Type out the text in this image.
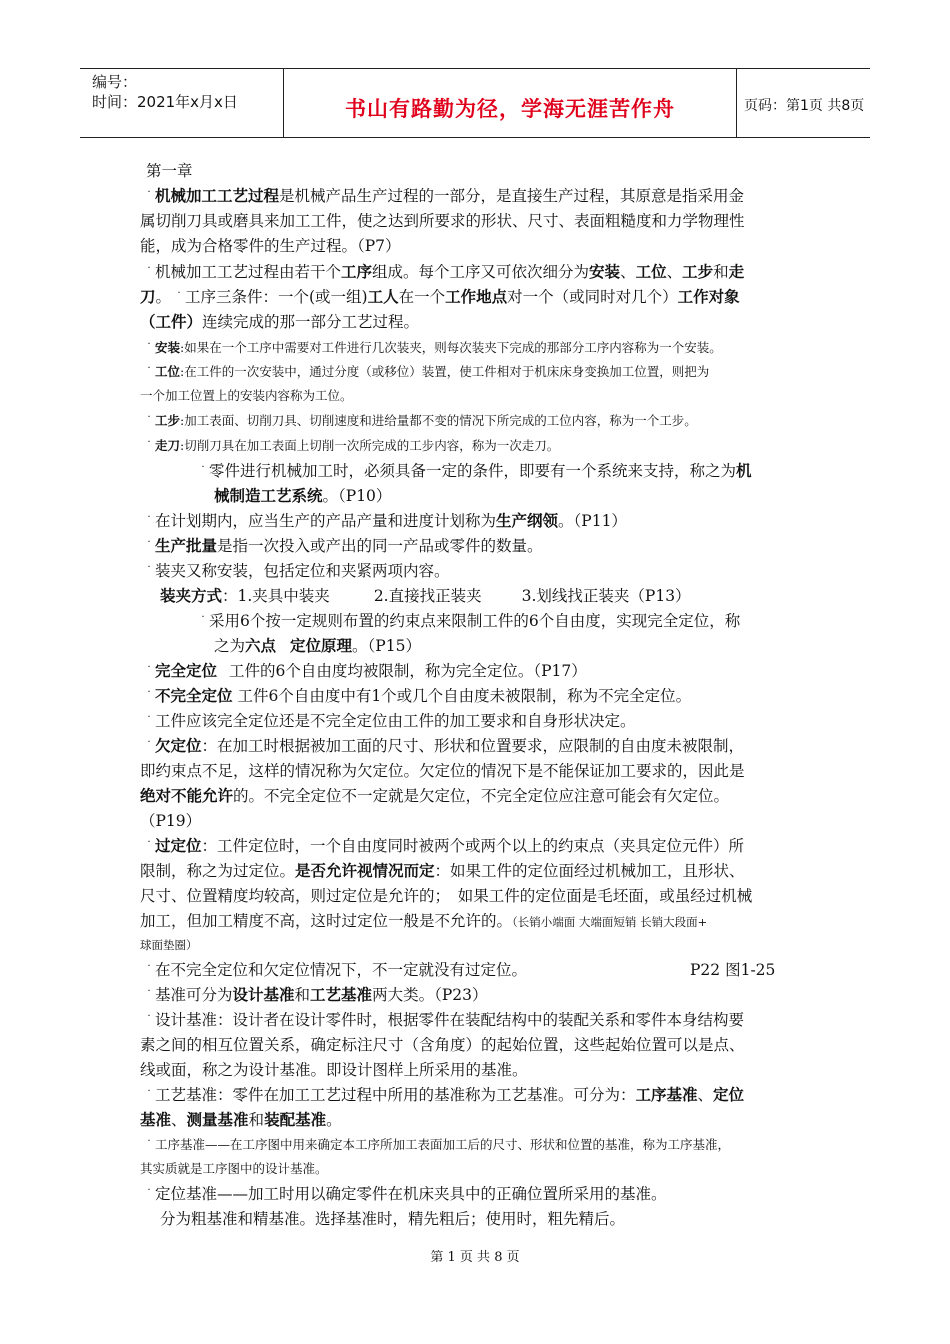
编号：
时间：2021年x月x日	书山有路勤为径，学海无涯苦作舟	页码：第1页 共8页
第一章
˙ 机械加工工艺过程是机械产品生产过程的一部分，是直接生产过程，其原意是指采用金
属切削刀具或磨具来加工工件，使之达到所要求的形状、尺寸、表面粗糙度和力学物理性
能，成为合格零件的生产过程。（P7）
˙ 机械加工工艺过程由若干个工序组成。每个工序又可依次细分为安装、工位、工步和走
刀。 ˙ 工序三条件：一个(或一组)工人在一个工作地点对一个（或同时对几个）工作对象
（工件）连续完成的那一部分工艺过程。
˙ 安装:如果在一个工序中需要对工件进行几次装夹，则每次装夹下完成的那部分工序内容称为一个安装。
˙ 工位:在工件的一次安装中，通过分度（或移位）装置，使工件相对于机床床身变换加工位置，则把为
一个加工位置上的安装内容称为工位。
˙ 工步:加工表面、切削刀具、切削速度和进给量都不变的情况下所完成的工位内容，称为一个工步。
˙ 走刀:切削刀具在加工表面上切削一次所完成的工步内容，称为一次走刀。
˙ 零件进行机械加工时，必须具备一定的条件，即要有一个系统来支持，称之为机
械制造工艺系统。（P10）
˙ 在计划期内，应当生产的产品产量和进度计划称为生产纲领。（P11）
˙ 生产批量是指一次投入或产出的同一产品或零件的数量。
˙ 装夹又称安装，包括定位和夹紧两项内容。
装夹方式：1.夹具中装夹	2.直接找正装夹	3.划线找正装夹（P13）
˙ 采用6个按一定规则布置的约束点来限制工件的6个自由度，实现完全定位，称
之为六点 定位原理。（P15）
˙ 完全定位 工件的6个自由度均被限制，称为完全定位。（P17）
˙ 不完全定位 工件6个自由度中有1个或几个自由度未被限制，称为不完全定位。
˙ 工件应该完全定位还是不完全定位由工件的加工要求和自身形状决定。
˙ 欠定位：在加工时根据被加工面的尺寸、形状和位置要求，应限制的自由度未被限制，
即约束点不足，这样的情况称为欠定位。欠定位的情况下是不能保证加工要求的，因此是
绝对不能允许的。不完全定位不一定就是欠定位，不完全定位应注意可能会有欠定位。
（P19）
˙ 过定位：工件定位时，一个自由度同时被两个或两个以上的约束点（夹具定位元件）所
限制，称之为过定位。是否允许视情况而定：如果工件的定位面经过机械加工，且形状、
尺寸、位置精度均较高，则过定位是允许的；　如果工件的定位面是毛坯面，或虽经过机械
加工，但加工精度不高，这时过定位一般是不允许的。（长销小端面 大端面短销 长销大段面+
球面垫圈）
˙ 在不完全定位和欠定位情况下，不一定就没有过定位。	P22 图1-25
˙ 基准可分为设计基准和工艺基准两大类。（P23）
˙ 设计基准：设计者在设计零件时，根据零件在装配结构中的装配关系和零件本身结构要
素之间的相互位置关系，确定标注尺寸（含角度）的起始位置，这些起始位置可以是点、
线或面，称之为设计基准。即设计图样上所采用的基准。
˙ 工艺基准：零件在加工工艺过程中所用的基准称为工艺基准。可分为：工序基准、定位
基准、测量基准和装配基准。
˙ 工序基准——在工序图中用来确定本工序所加工表面加工后的尺寸、形状和位置的基准，称为工序基准，
其实质就是工序图中的设计基准。
˙ 定位基准——加工时用以确定零件在机床夹具中的正确位置所采用的基准。
分为粗基准和精基准。选择基准时，精先粗后；使用时，粗先精后。
第 1 页 共 8 页
